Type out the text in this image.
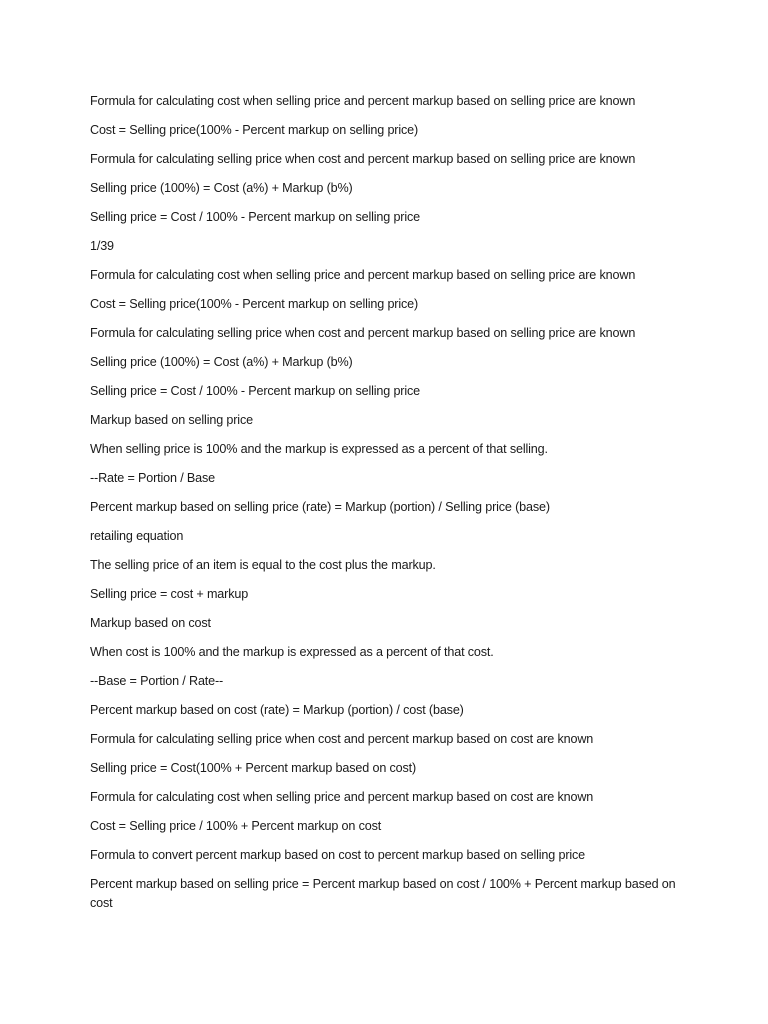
Formula for calculating cost when selling price and percent markup based on selling price are known
Cost = Selling price(100% - Percent markup on selling price)
Formula for calculating selling price when cost and percent markup based on selling price are known
Selling price (100%) = Cost (a%) + Markup (b%)
Selling price = Cost / 100% - Percent markup on selling price
1/39
Formula for calculating cost when selling price and percent markup based on selling price are known
Cost = Selling price(100% - Percent markup on selling price)
Formula for calculating selling price when cost and percent markup based on selling price are known
Selling price (100%) = Cost (a%) + Markup (b%)
Selling price = Cost / 100% - Percent markup on selling price
Markup based on selling price
When selling price is 100% and the markup is expressed as a percent of that selling.
--Rate = Portion / Base
Percent markup based on selling price (rate) = Markup (portion) / Selling price (base)
retailing equation
The selling price of an item is equal to the cost plus the markup.
Selling price = cost + markup
Markup based on cost
When cost is 100% and the markup is expressed as a percent of that cost.
--Base = Portion / Rate--
Percent markup based on cost (rate) = Markup (portion) / cost (base)
Formula for calculating selling price when cost and percent markup based on cost are known
Selling price = Cost(100% + Percent markup based on cost)
Formula for calculating cost when selling price and percent markup based on cost are known
Cost = Selling price / 100% + Percent markup on cost
Formula to convert percent markup based on cost to percent markup based on selling price
Percent markup based on selling price = Percent markup based on cost / 100% + Percent markup based on cost
